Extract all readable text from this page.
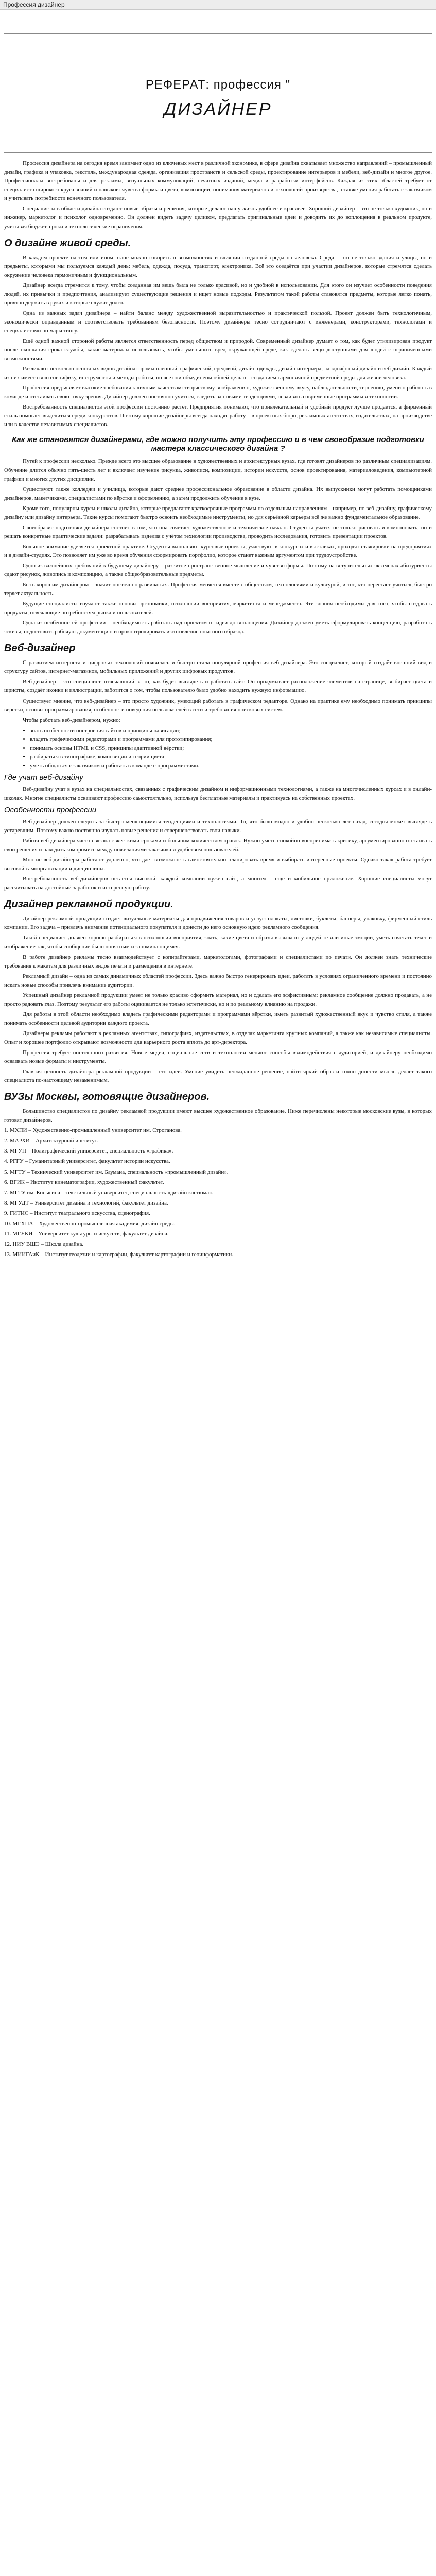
Профессия дизайнер

РЕФЕРАТ: профессия "

ДИЗАЙНЕР

Профессия дизайнера на сегодня время занимает одно из ключевых мест в различной экономике, в сфере дизайна охватывает множество направлений – промышленный дизайн, графика и упаковка, текстиль, международная одежда, организация пространств и сельской среды, проектирование интерьеров и мебели, веб-дизайн и многое другое. Профессионалы востребованы и для рекламы, визуальных коммуникаций, печатных изданий, медиа и разработки интерфейсов. Каждая из этих областей требует от специалиста широкого круга знаний и навыков: чувства формы и цвета, композиции, понимания материалов и технологий производства, а также умения работать с заказчиком и учитывать потребности конечного пользователя.

Специалисты в области дизайна создают новые образы и решения, которые делают нашу жизнь удобнее и красивее. Хороший дизайнер – это не только художник, но и инженер, маркетолог и психолог одновременно. Он должен видеть задачу целиком, предлагать оригинальные идеи и доводить их до воплощения в реальном продукте, учитывая бюджет, сроки и технологические ограничения.

О дизайне живой среды.

В каждом проекте на том или ином этапе можно говорить о возможностях и влиянии созданной среды на человека. Среда – это не только здания и улицы, но и предметы, которыми мы пользуемся каждый день: мебель, одежда, посуда, транспорт, электроника. Всё это создаётся при участии дизайнеров, которые стремятся сделать окружение человека гармоничным и функциональным.

Дизайнер всегда стремится к тому, чтобы созданная им вещь была не только красивой, но и удобной в использовании. Для этого он изучает особенности поведения людей, их привычки и предпочтения, анализирует существующие решения и ищет новые подходы. Результатом такой работы становятся предметы, которые легко понять, приятно держать в руках и которые служат долго.

Одна из важных задач дизайнера – найти баланс между художественной выразительностью и практической пользой. Проект должен быть технологичным, экономически оправданным и соответствовать требованиям безопасности. Поэтому дизайнеры тесно сотрудничают с инженерами, конструкторами, технологами и специалистами по маркетингу.

Ещё одной важной стороной работы является ответственность перед обществом и природой. Современный дизайнер думает о том, как будет утилизирован продукт после окончания срока службы, какие материалы использовать, чтобы уменьшить вред окружающей среде, как сделать вещи доступными для людей с ограниченными возможностями.

Различают несколько основных видов дизайна: промышленный, графический, средовой, дизайн одежды, дизайн интерьера, ландшафтный дизайн и веб-дизайн. Каждый из них имеет свою специфику, инструменты и методы работы, но все они объединены общей целью – созданием гармоничной предметной среды для жизни человека.

Профессия предъявляет высокие требования к личным качествам: творческому воображению, художественному вкусу, наблюдательности, терпению, умению работать в команде и отстаивать свою точку зрения. Дизайнер должен постоянно учиться, следить за новыми тенденциями, осваивать современные программы и технологии.

Востребованность специалистов этой профессии постоянно растёт. Предприятия понимают, что привлекательный и удобный продукт лучше продаётся, а фирменный стиль помогает выделиться среди конкурентов. Поэтому хорошие дизайнеры всегда находят работу – в проектных бюро, рекламных агентствах, издательствах, на производстве или в качестве независимых специалистов.

Как же становятся дизайнерами, где можно получить эту профессию и в чем своеобразие подготовки мастера классического дизайна ?

Путей к профессии несколько. Прежде всего это высшее образование в художественных и архитектурных вузах, где готовят дизайнеров по различным специализациям. Обучение длится обычно пять-шесть лет и включает изучение рисунка, живописи, композиции, истории искусств, основ проектирования, материаловедения, компьютерной графики и многих других дисциплин.

Существуют также колледжи и училища, которые дают среднее профессиональное образование в области дизайна. Их выпускники могут работать помощниками дизайнеров, макетчиками, специалистами по вёрстке и оформлению, а затем продолжить обучение в вузе.

Кроме того, популярны курсы и школы дизайна, которые предлагают краткосрочные программы по отдельным направлениям – например, по веб-дизайну, графическому дизайну или дизайну интерьера. Такие курсы помогают быстро освоить необходимые инструменты, но для серьёзной карьеры всё же важно фундаментальное образование.

Своеобразие подготовки дизайнера состоит в том, что она сочетает художественное и техническое начало. Студенты учатся не только рисовать и компоновать, но и решать конкретные практические задачи: разрабатывать изделия с учётом технологии производства, проводить исследования, готовить презентации проектов.

Большое внимание уделяется проектной практике. Студенты выполняют курсовые проекты, участвуют в конкурсах и выставках, проходят стажировки на предприятиях и в дизайн-студиях. Это позволяет им уже во время обучения сформировать портфолио, которое станет важным аргументом при трудоустройстве.

Одно из важнейших требований к будущему дизайнеру – развитое пространственное мышление и чувство формы. Поэтому на вступительных экзаменах абитуриенты сдают рисунок, живопись и композицию, а также общеобразовательные предметы.

Быть хорошим дизайнером – значит постоянно развиваться. Профессия меняется вместе с обществом, технологиями и культурой, и тот, кто перестаёт учиться, быстро теряет актуальность.

Будущие специалисты изучают также основы эргономики, психологии восприятия, маркетинга и менеджмента. Эти знания необходимы для того, чтобы создавать продукты, отвечающие потребностям рынка и пользователей.

Одна из особенностей профессии – необходимость работать над проектом от идеи до воплощения. Дизайнер должен уметь сформулировать концепцию, разработать эскизы, подготовить рабочую документацию и проконтролировать изготовление опытного образца.

Веб-дизайнер

С развитием интернета и цифровых технологий появилась и быстро стала популярной профессия веб-дизайнера. Это специалист, который создаёт внешний вид и структуру сайтов, интернет-магазинов, мобильных приложений и других цифровых продуктов.

Веб-дизайнер – это специалист, отвечающий за то, как будет выглядеть и работать сайт. Он продумывает расположение элементов на странице, выбирает цвета и шрифты, создаёт иконки и иллюстрации, заботится о том, чтобы пользователю было удобно находить нужную информацию.

Существует мнение, что веб-дизайнер – это просто художник, умеющий работать в графическом редакторе. Однако на практике ему необходимо понимать принципы вёрстки, основы программирования, особенности поведения пользователей в сети и требования поисковых систем.

Чтобы работать веб-дизайнером, нужно:

• знать особенности построения сайтов и принципы навигации;
• владеть графическими редакторами и программами для прототипирования;
• понимать основы HTML и CSS, принципы адаптивной вёрстки;
• разбираться в типографике, композиции и теории цвета;
• уметь общаться с заказчиком и работать в команде с программистами.
Где учат веб-дизайну

Веб-дизайну учат в вузах на специальностях, связанных с графическим дизайном и информационными технологиями, а также на многочисленных курсах и в онлайн-школах. Многие специалисты осваивают профессию самостоятельно, используя бесплатные материалы и практикуясь на собственных проектах.

Особенности профессии

Веб-дизайнер должен следить за быстро меняющимися тенденциями и технологиями. То, что было модно и удобно несколько лет назад, сегодня может выглядеть устаревшим. Поэтому важно постоянно изучать новые решения и совершенствовать свои навыки.

Работа веб-дизайнера часто связана с жёсткими сроками и большим количеством правок. Нужно уметь спокойно воспринимать критику, аргументированно отстаивать свои решения и находить компромисс между пожеланиями заказчика и удобством пользователей.

Многие веб-дизайнеры работают удалённо, что даёт возможность самостоятельно планировать время и выбирать интересные проекты. Однако такая работа требует высокой самоорганизации и дисциплины.

Востребованность веб-дизайнеров остаётся высокой: каждой компании нужен сайт, а многим – ещё и мобильное приложение. Хорошие специалисты могут рассчитывать на достойный заработок и интересную работу.

Дизайнер рекламной продукции.

Дизайнер рекламной продукции создаёт визуальные материалы для продвижения товаров и услуг: плакаты, листовки, буклеты, баннеры, упаковку, фирменный стиль компании. Его задача – привлечь внимание потенциального покупателя и донести до него основную идею рекламного сообщения.

Такой специалист должен хорошо разбираться в психологии восприятия, знать, какие цвета и образы вызывают у людей те или иные эмоции, уметь сочетать текст и изображение так, чтобы сообщение было понятным и запоминающимся.

В работе дизайнер рекламы тесно взаимодействует с копирайтерами, маркетологами, фотографами и специалистами по печати. Он должен знать технические требования к макетам для различных видов печати и размещения в интернете.

Рекламный дизайн – одна из самых динамичных областей профессии. Здесь важно быстро генерировать идеи, работать в условиях ограниченного времени и постоянно искать новые способы привлечь внимание аудитории.

Успешный дизайнер рекламной продукции умеет не только красиво оформить материал, но и сделать его эффективным: рекламное сообщение должно продавать, а не просто радовать глаз. Поэтому результат его работы оценивается не только эстетически, но и по реальному влиянию на продажи.

Для работы в этой области необходимо владеть графическими редакторами и программами вёрстки, иметь развитый художественный вкус и чувство стиля, а также понимать особенности целевой аудитории каждого проекта.

Дизайнеры рекламы работают в рекламных агентствах, типографиях, издательствах, в отделах маркетинга крупных компаний, а также как независимые специалисты. Опыт и хорошее портфолио открывают возможности для карьерного роста вплоть до арт-директора.

Профессия требует постоянного развития. Новые медиа, социальные сети и технологии меняют способы взаимодействия с аудиторией, и дизайнеру необходимо осваивать новые форматы и инструменты.

Главная ценность дизайнера рекламной продукции – его идеи. Умение увидеть неожиданное решение, найти яркий образ и точно донести мысль делает такого специалиста по-настоящему незаменимым.

ВУЗы Москвы, готовящие дизайнеров.

Большинство специалистов по дизайну рекламной продукции имеют высшее художественное образование. Ниже перечислены некоторые московские вузы, в которых готовят дизайнеров.

1. МХПИ – Художественно-промышленный университет им. Строганова.

2. МАРХИ – Архитектурный институт.

3. МГУП – Полиграфический университет, специальность «графика».

4. РГГУ – Гуманитарный университет, факультет истории искусства.

5. МГТУ – Технический университет им. Баумана, специальность «промышленный дизайн».

6. ВГИК – Институт кинематографии, художественный факультет.

7. МГТУ им. Косыгина – текстильный университет, специальность «дизайн костюма».

8. МГУДТ – Университет дизайна и технологий, факультет дизайна.

9. ГИТИС – Институт театрального искусства, сценография.

10. МГХПА – Художественно-промышленная академия, дизайн среды.

11. МГУКИ – Университет культуры и искусств, факультет дизайна.

12. НИУ ВШЭ – Школа дизайна.

13. МИИГАиК – Институт геодезии и картографии, факультет картографии и геоинформатики.
